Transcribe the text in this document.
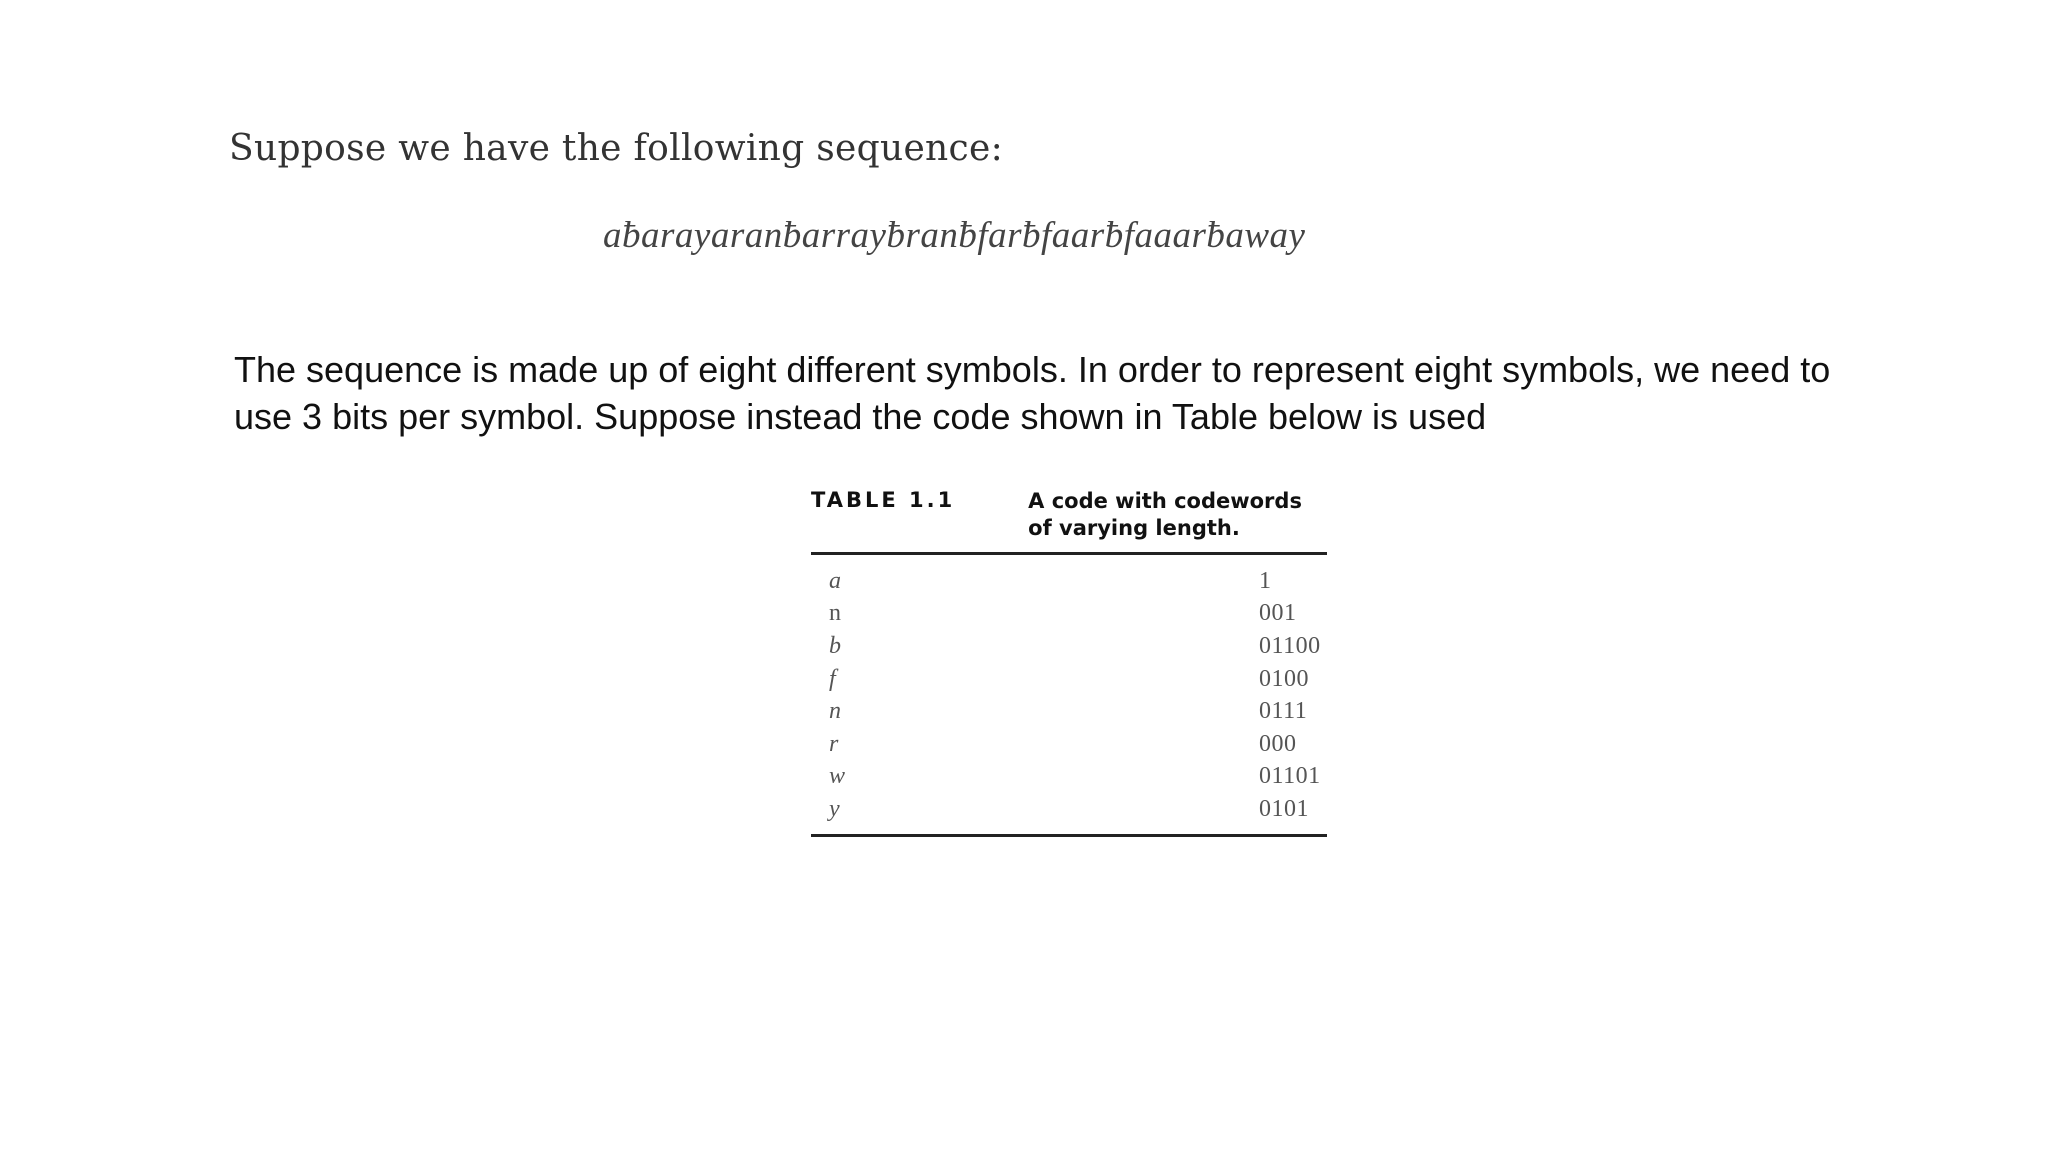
Suppose we have the following sequence:
aƀarayaranƀarrayƀranƀfarƀfaarƀfaaarƀaway
The sequence is made up of eight different symbols. In order to represent eight symbols, we need to
use 3 bits per symbol. Suppose instead the code shown in Table below is used
TABLE 1.1	A code with codewords
of varying length.
a	1
n	001
b	01100
f	0100
n	0111
r	000
w	01101
y	0101
